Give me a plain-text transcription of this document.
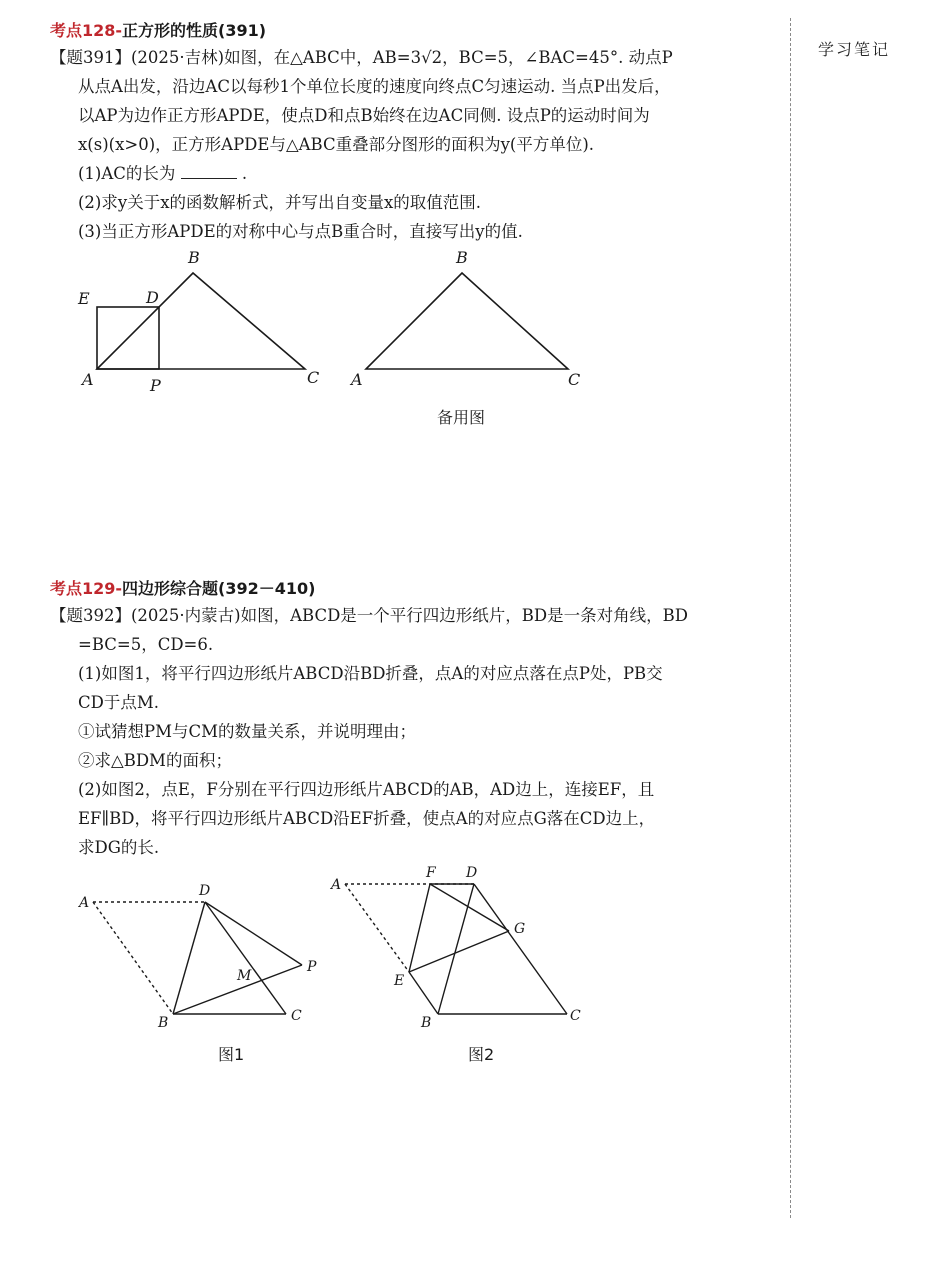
学习笔记
考点128-正方形的性质(391)
【题391】(2025·吉林)如图，在△ABC中，AB=3√2，BC=5，∠BAC=45°. 动点P
从点A出发，沿边AC以每秒1个单位长度的速度向终点C匀速运动. 当点P出发后，
以AP为边作正方形APDE，使点D和点B始终在边AC同侧. 设点P的运动时间为
x(s)(x>0)，正方形APDE与△ABC重叠部分图形的面积为y(平方单位).
(1)AC的长为	.
(2)求y关于x的函数解析式，并写出自变量x的取值范围.
(3)当正方形APDE的对称中心与点B重合时，直接写出y的值.
B
E	D
A	P	C
B
A	C
A
D
M
P
B	C
A
F D
G
E
B	C
备用图
考点129-四边形综合题(392－410)
【题392】(2025·内蒙古)如图，ABCD是一个平行四边形纸片，BD是一条对角线，BD
=BC=5，CD=6.
(1)如图1，将平行四边形纸片ABCD沿BD折叠，点A的对应点落在点P处，PB交
CD于点M.
①试猜想PM与CM的数量关系，并说明理由；
②求△BDM的面积；
(2)如图2，点E，F分别在平行四边形纸片ABCD的AB，AD边上，连接EF，且
EF∥BD，将平行四边形纸片ABCD沿EF折叠，使点A的对应点G落在CD边上，
求DG的长.
图1	图2
